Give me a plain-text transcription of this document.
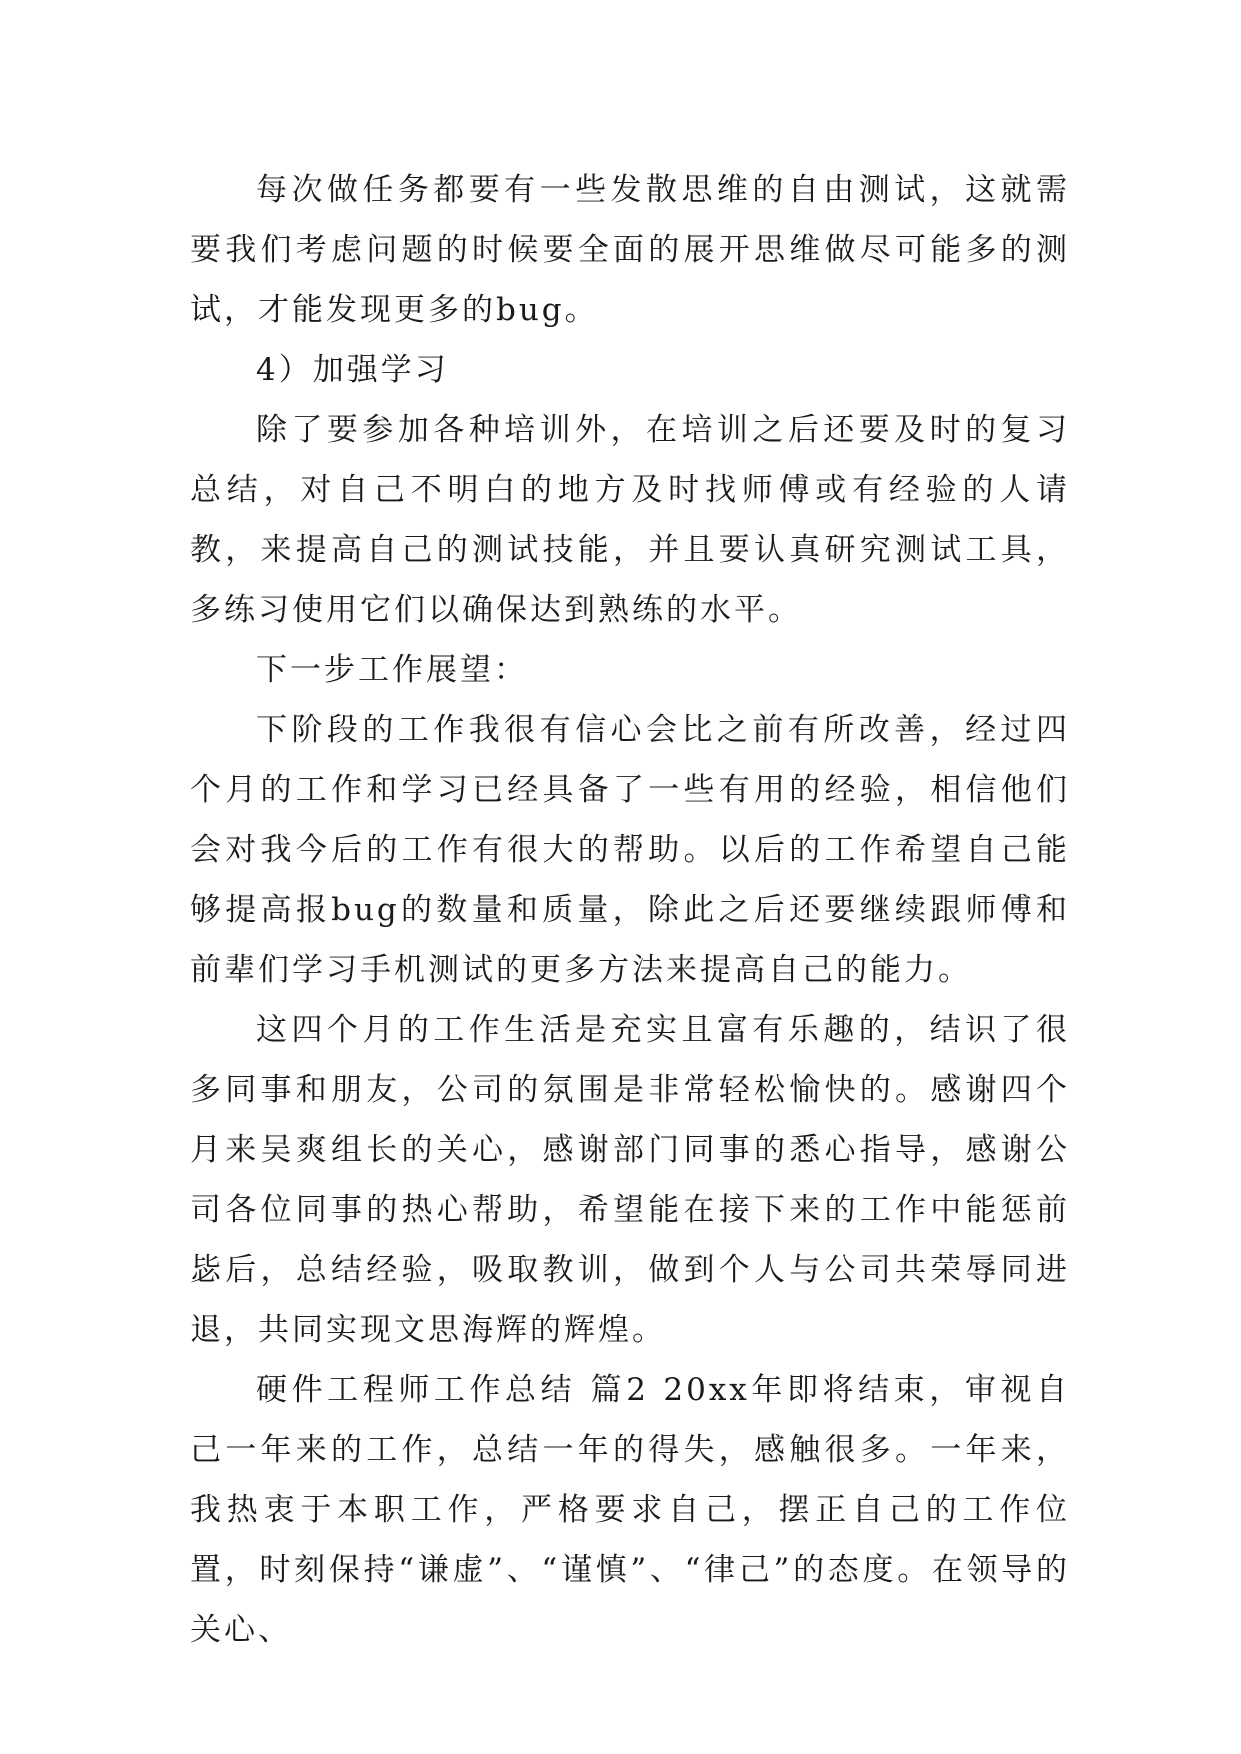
每次做任务都要有一些发散思维的自由测试，这就需要我们考虑问题的时候要全面的展开思维做尽可能多的测试，才能发现更多的bug。

4）加强学习

除了要参加各种培训外，在培训之后还要及时的复习总结，对自己不明白的地方及时找师傅或有经验的人请教，来提高自己的测试技能，并且要认真研究测试工具，多练习使用它们以确保达到熟练的水平。

下一步工作展望：

下阶段的工作我很有信心会比之前有所改善，经过四个月的工作和学习已经具备了一些有用的经验，相信他们会对我今后的工作有很大的帮助。以后的工作希望自己能够提高报bug的数量和质量，除此之后还要继续跟师傅和前辈们学习手机测试的更多方法来提高自己的能力。

这四个月的工作生活是充实且富有乐趣的，结识了很多同事和朋友，公司的氛围是非常轻松愉快的。感谢四个月来吴爽组长的关心，感谢部门同事的悉心指导，感谢公司各位同事的热心帮助，希望能在接下来的工作中能惩前毖后，总结经验，吸取教训，做到个人与公司共荣辱同进退，共同实现文思海辉的辉煌。

硬件工程师工作总结 篇2 20xx年即将结束，审视自己一年来的工作，总结一年的得失，感触很多。一年来，我热衷于本职工作，严格要求自己，摆正自己的工作位置，时刻保持“谦虚”、“谨慎”、“律己”的态度。在领导的关心、
